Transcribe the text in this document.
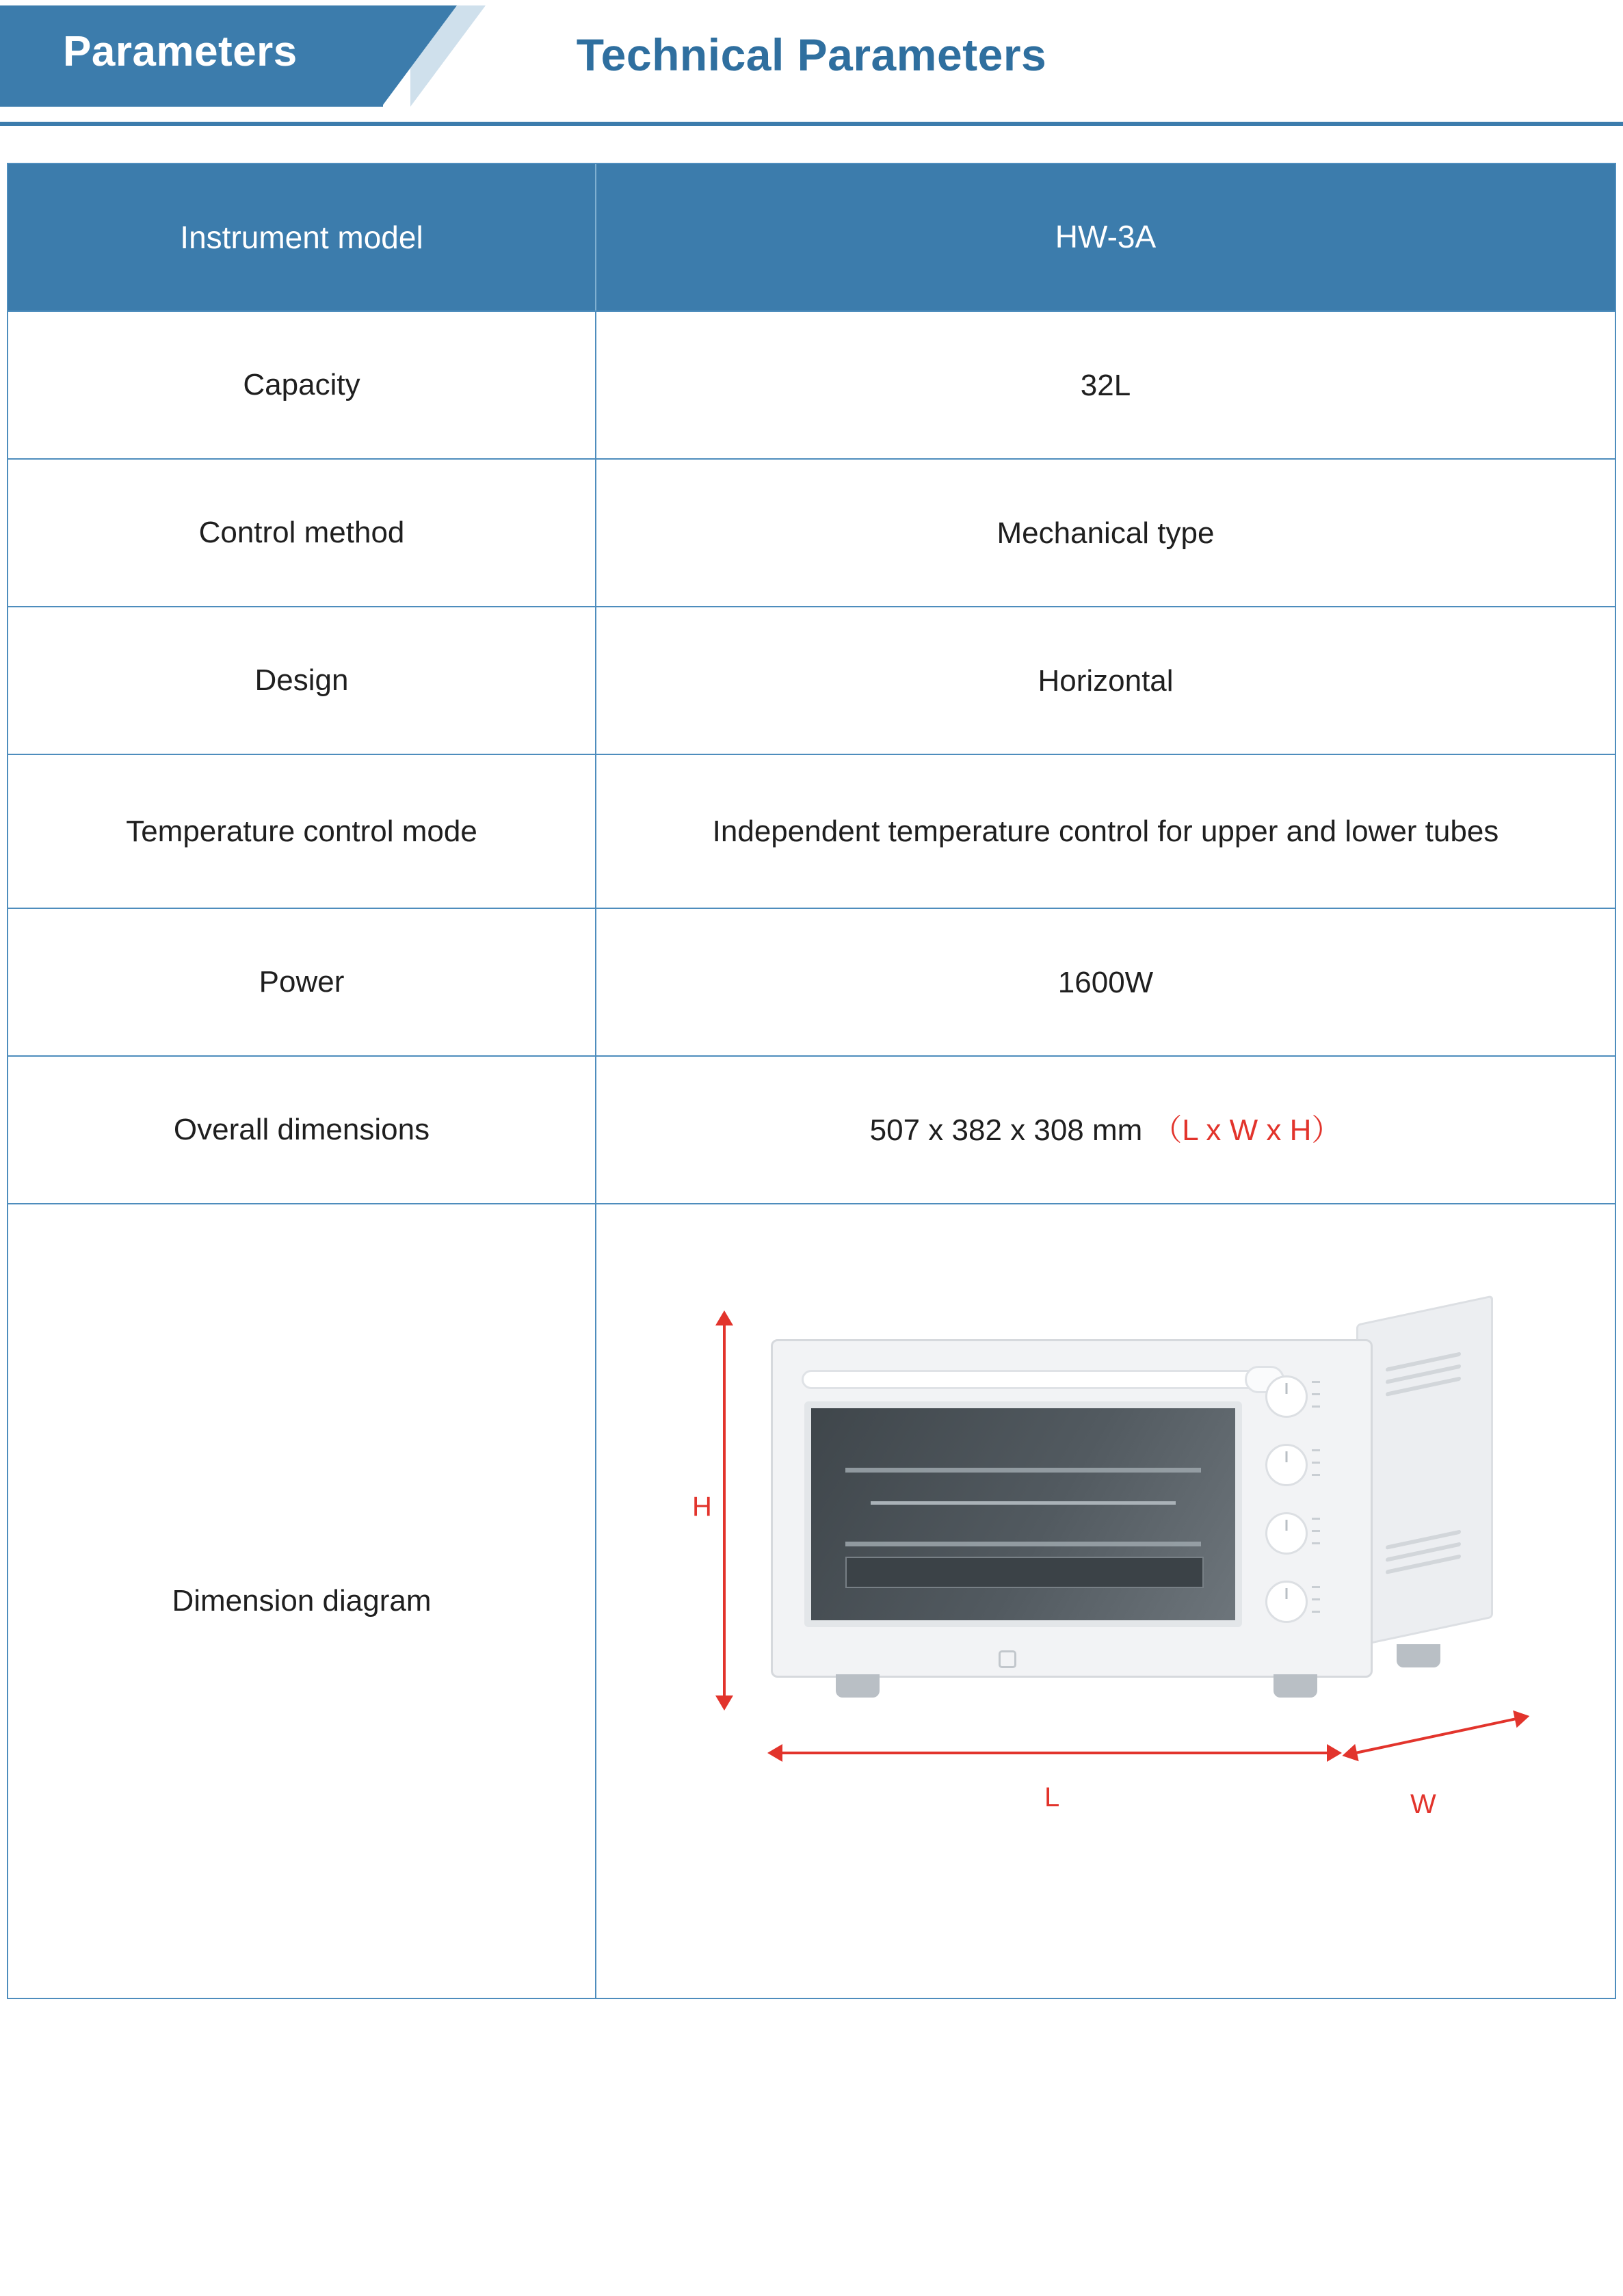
Parameters	Technical Parameters
Instrument model	HW-3A
Capacity	32L
Control method	Mechanical type
Design	Horizontal
Temperature control mode	Independent temperature control for upper and lower tubes
Power	1600W
Overall dimensions	507 x 382 x 308 mm （L x W x H）
Dimension diagram
H
L	W
